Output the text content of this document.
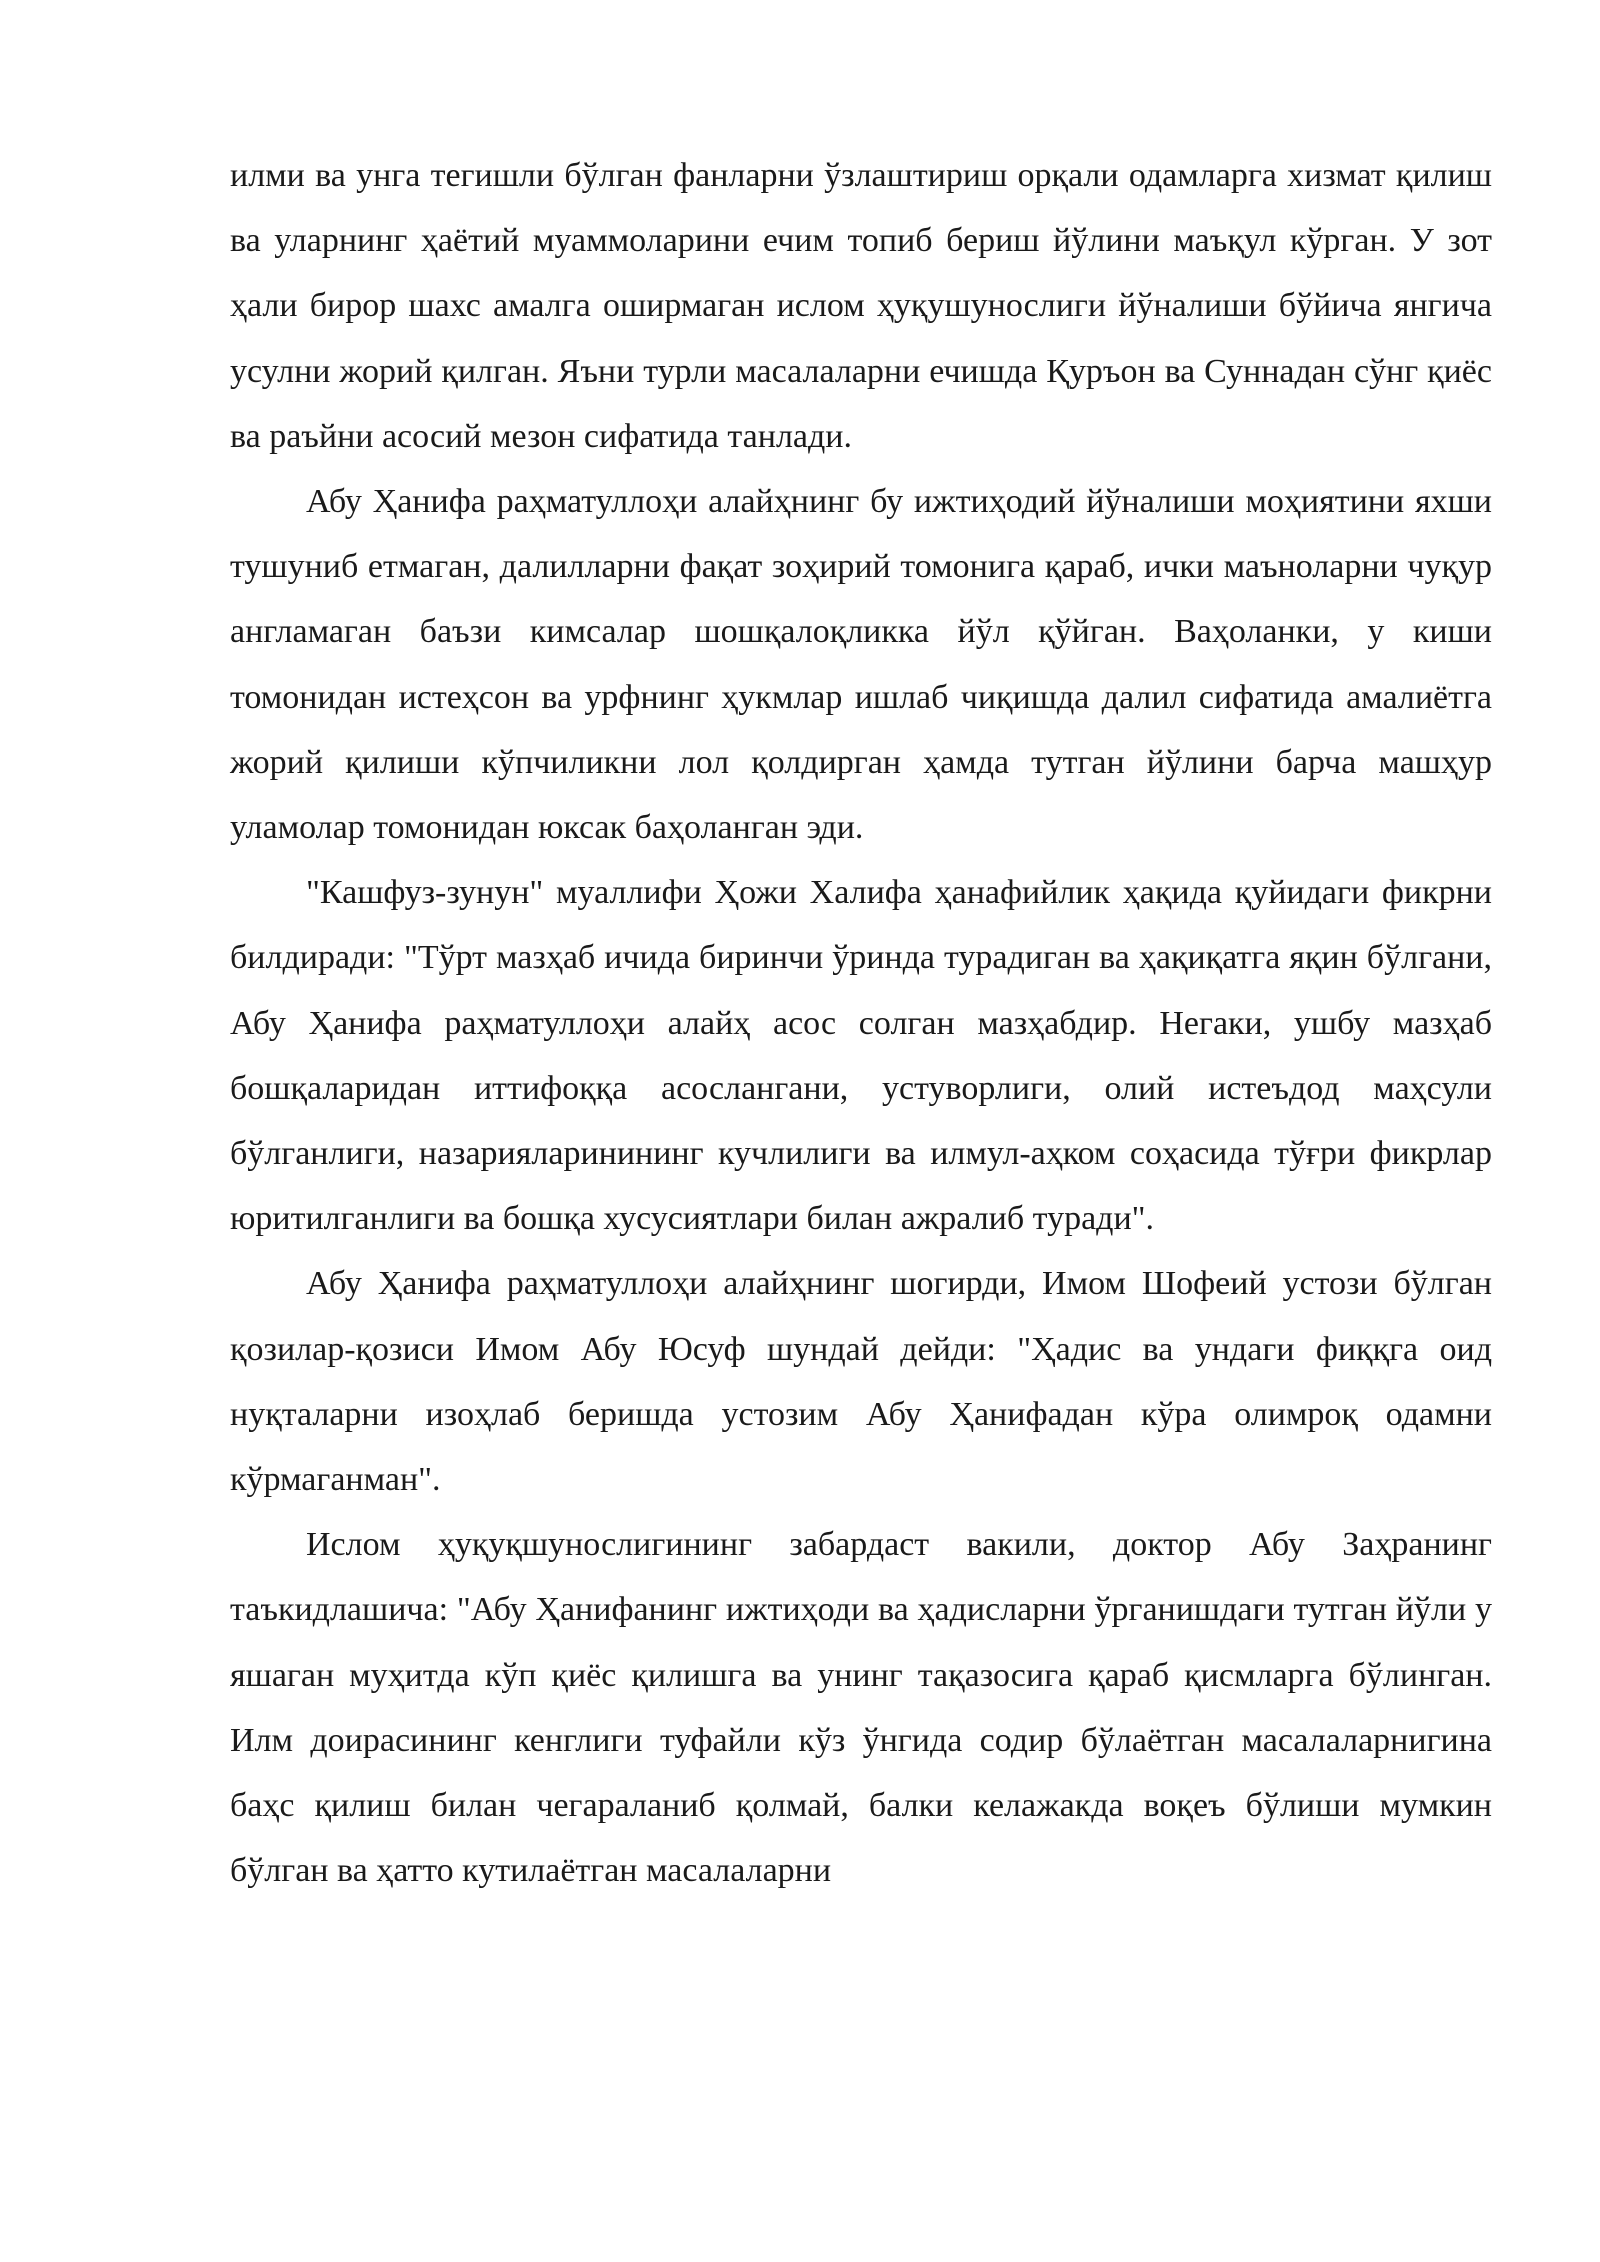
илми ва унга тегишли бўлган фанларни ўзлаштириш орқали одамларга хизмат қилиш ва уларнинг ҳаётий муаммоларини ечим топиб бериш йўлини маъқул кўрган. У зот ҳали бирор шахс амалга оширмаган ислом ҳуқушунослиги йўналиши бўйича янгича усулни жорий қилган. Яъни турли масалаларни ечишда Қуръон ва Суннадан сўнг қиёс ва раъйни асосий мезон сифатида танлади.

Абу Ҳанифа раҳматуллоҳи алайҳнинг бу ижтиҳодий йўналиши моҳиятини яхши тушуниб етмаган, далилларни фақат зоҳирий томонига қараб, ички маъноларни чуқур англамаган баъзи кимсалар шошқалоқликка йўл қўйган. Ваҳоланки, у киши томонидан истеҳсон ва урфнинг ҳукмлар ишлаб чиқишда далил сифатида амалиётга жорий қилиши кўпчиликни лол қолдирган ҳамда тутган йўлини барча машҳур уламолар томонидан юксак баҳоланган эди.

"Кашфуз-зунун" муаллифи Ҳожи Халифа ҳанафийлик ҳақида қуйидаги фикрни билдиради: "Тўрт мазҳаб ичида биринчи ўринда турадиган ва ҳақиқатга яқин бўлгани, Абу Ҳанифа раҳматуллоҳи алайҳ асос солган мазҳабдир. Негаки, ушбу мазҳаб бошқаларидан иттифоққа асослангани, устуворлиги, олий истеъдод маҳсули бўлганлиги, назарияларинининг кучлилиги ва илмул-аҳком соҳасида тўғри фикрлар юритилганлиги ва бошқа хусусиятлари билан ажралиб туради".

Абу Ҳанифа раҳматуллоҳи алайҳнинг шогирди, Имом Шофеий устози бўлган қозилар-қозиси Имом Абу Юсуф шундай дейди: "Ҳадис ва ундаги фиққга оид нуқталарни изоҳлаб беришда устозим Абу Ҳанифадан кўра олимроқ одамни кўрмаганман".

Ислом ҳуқуқшунослигининг забардаст вакили, доктор Абу Заҳранинг таъкидлашича: "Абу Ҳанифанинг ижтиҳоди ва ҳадисларни ўрганишдаги тутган йўли у яшаган муҳитда кўп қиёс қилишга ва унинг тақазосига қараб қисмларга бўлинган. Илм доирасининг кенглиги туфайли кўз ўнгида содир бўлаётган масалаларнигина баҳс қилиш билан чегараланиб қолмай, балки келажакда воқеъ бўлиши мумкин бўлган ва ҳатто кутилаётган масалаларни
